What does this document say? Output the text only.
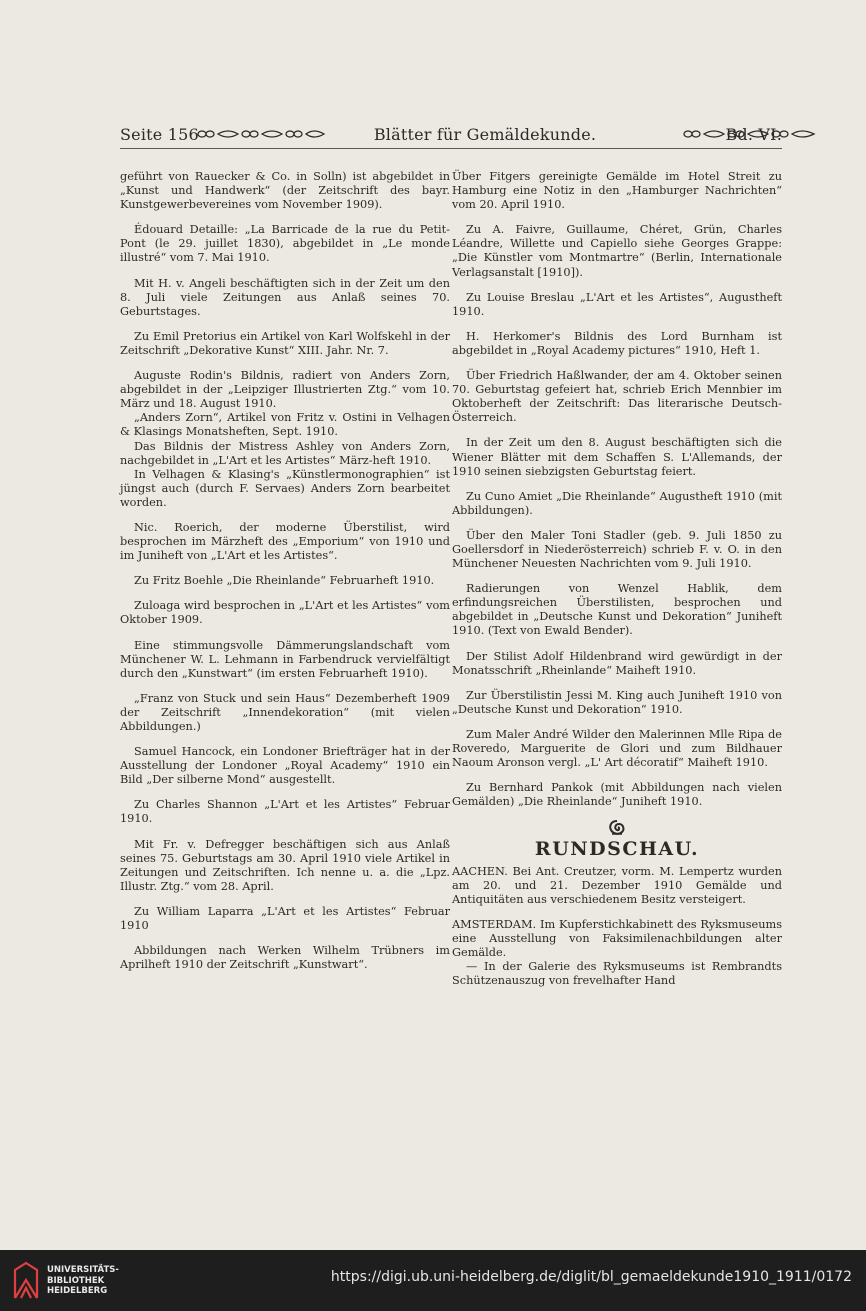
Seite 156	Blätter für Gemäldekunde.	Bd. VI.

geführt von Rauecker & Co. in Solln) ist abgebildet in „Kunst und Handwerk“ (der Zeitschrift des bayr. Kunstgewerbevereines vom November 1909).

Édouard Detaille: „La Barricade de la rue du Petit-Pont (le 29. juillet 1830), abgebildet in „Le monde illustré“ vom 7. Mai 1910.

Mit H. v. Angeli beschäftigten sich in der Zeit um den 8. Juli viele Zeitungen aus Anlaß seines 70. Geburtstages.

Zu Emil Pretorius ein Artikel von Karl Wolfskehl in der Zeitschrift „Dekorative Kunst“ XIII. Jahr. Nr. 7.

Auguste Rodin's Bildnis, radiert von Anders Zorn, abgebildet in der „Leipziger Illustrierten Ztg.“ vom 10. März und 18. August 1910.

„Anders Zorn“, Artikel von Fritz v. Ostini in Velhagen & Klasings Monatsheften, Sept. 1910.

Das Bildnis der Mistress Ashley von Anders Zorn, nachgebildet in „L'Art et les Artistes“ März-heft 1910.

In Velhagen & Klasing's „Künstlermonographien“ ist jüngst auch (durch F. Servaes) Anders Zorn bearbeitet worden.

Nic. Roerich, der moderne Überstilist, wird besprochen im Märzheft des „Emporium“ von 1910 und im Juniheft von „L'Art et les Artistes“.

Zu Fritz Boehle „Die Rheinlande“ Februarheft 1910.

Zuloaga wird besprochen in „L'Art et les Artistes“ vom Oktober 1909.

Eine stimmungsvolle Dämmerungslandschaft vom Münchener W. L. Lehmann in Farbendruck vervielfältigt durch den „Kunstwart“ (im ersten Februarheft 1910).

„Franz von Stuck und sein Haus“ Dezemberheft 1909 der Zeitschrift „Innendekoration“ (mit vielen Abbildungen.)

Samuel Hancock, ein Londoner Briefträger hat in der Ausstellung der Londoner „Royal Academy“ 1910 ein Bild „Der silberne Mond“ ausgestellt.

Zu Charles Shannon „L'Art et les Artistes“ Februar 1910.

Mit Fr. v. Defregger beschäftigen sich aus Anlaß seines 75. Geburtstags am 30. April 1910 viele Artikel in Zeitungen und Zeitschriften. Ich nenne u. a. die „Lpz. Illustr. Ztg.“ vom 28. April.

Zu William Laparra „L'Art et les Artistes“ Februar 1910

Abbildungen nach Werken Wilhelm Trübners im Aprilheft 1910 der Zeitschrift „Kunstwart“.

Über Fitgers gereinigte Gemälde im Hotel Streit zu Hamburg eine Notiz in den „Hamburger Nachrichten“ vom 20. April 1910.

Zu A. Faivre, Guillaume, Chéret, Grün, Charles Léandre, Willette und Capiello siehe Georges Grappe: „Die Künstler vom Montmartre“ (Berlin, Internationale Verlagsanstalt [1910]).

Zu Louise Breslau „L'Art et les Artistes“, Augustheft 1910.

H. Herkomer's Bildnis des Lord Burnham ist abgebildet in „Royal Academy pictures“ 1910, Heft 1.

Über Friedrich Haßlwander, der am 4. Oktober seinen 70. Geburtstag gefeiert hat, schrieb Erich Mennbier im Oktoberheft der Zeitschrift: Das literarische Deutsch-Österreich.

In der Zeit um den 8. August beschäftigten sich die Wiener Blätter mit dem Schaffen S. L'Allemands, der 1910 seinen siebzigsten Geburtstag feiert.

Zu Cuno Amiet „Die Rheinlande“ Augustheft 1910 (mit Abbildungen).

Über den Maler Toni Stadler (geb. 9. Juli 1850 zu Goellersdorf in Niederösterreich) schrieb F. v. O. in den Münchener Neuesten Nachrichten vom 9. Juli 1910.

Radierungen von Wenzel Hablik, dem erfindungsreichen Überstilisten, besprochen und abgebildet in „Deutsche Kunst und Dekoration“ Juniheft 1910. (Text von Ewald Bender).

Der Stilist Adolf Hildenbrand wird gewürdigt in der Monatsschrift „Rheinlande“ Maiheft 1910.

Zur Überstilistin Jessi M. King auch Juniheft 1910 von „Deutsche Kunst und Dekoration“ 1910.

Zum Maler André Wilder den Malerinnen Mlle Ripa de Roveredo, Marguerite de Glori und zum Bildhauer Naoum Aronson vergl. „L' Art décoratif“ Maiheft 1910.

Zu Bernhard Pankok (mit Abbildungen nach vielen Gemälden) „Die Rheinlande“ Juniheft 1910.

RUNDSCHAU.

AACHEN. Bei Ant. Creutzer, vorm. M. Lempertz wurden am 20. und 21. Dezember 1910 Gemälde und Antiquitäten aus verschiedenem Besitz versteigert.

AMSTERDAM. Im Kupferstichkabinett des Ryksmuseums eine Ausstellung von Faksimilenachbildungen alter Gemälde.

— In der Galerie des Ryksmuseums ist Rembrandts Schützenauszug von frevelhafter Hand

UNIVERSITÄTS-
BIBLIOTHEK
HEIDELBERG
https://digi.ub.uni-heidelberg.de/diglit/bl_gemaeldekunde1910_1911/0172
